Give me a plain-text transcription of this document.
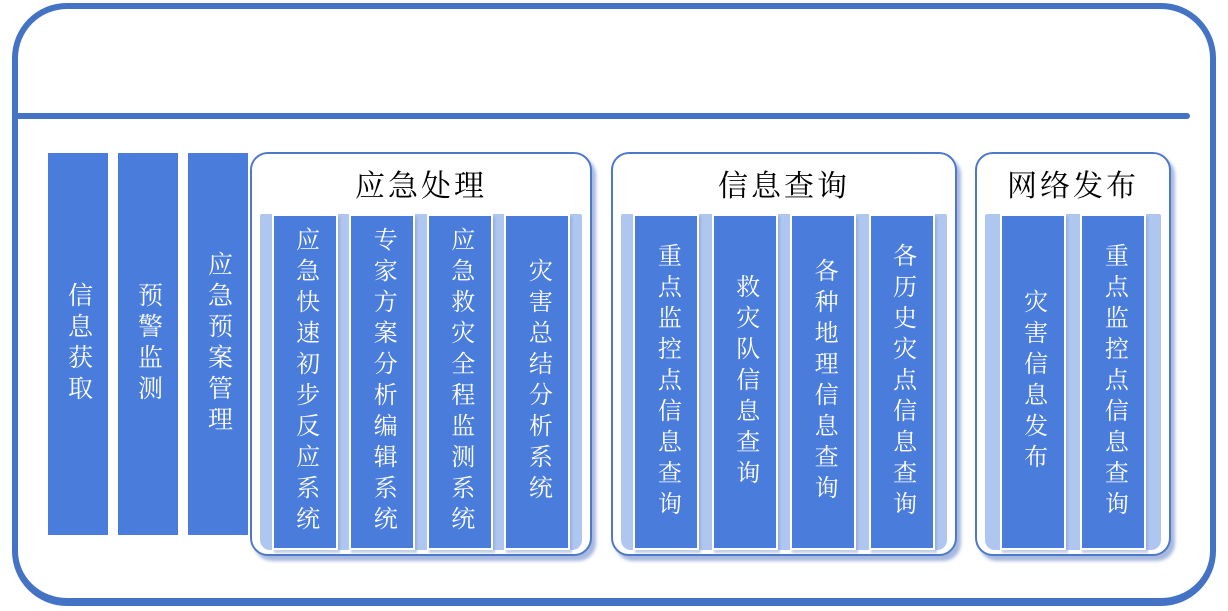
信息获取 预警监测 应急预案管理
应急处理
应急快速初步反应系统 专家方案分析编辑系统 应急救灾全程监测系统 灾害总结分析系统
信息查询
重点监控点信息查询 救灾队信息查询 各种地理信息查询 各历史灾点信息查询
网络发布
灾害信息发布 重点监控点信息查询
